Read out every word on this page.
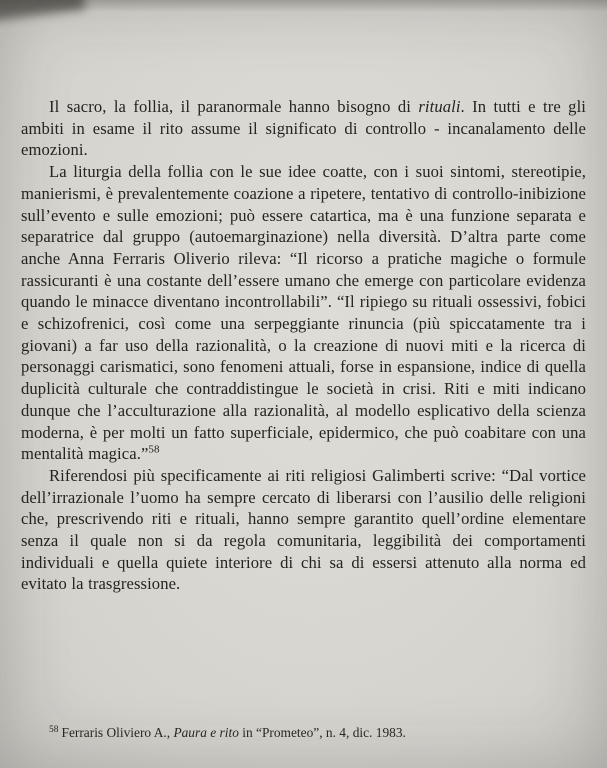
Il sacro, la follia, il paranormale hanno bisogno di rituali. In tutti e tre gli ambiti in esame il rito assume il significato di controllo - incanalamento delle emozioni.

La liturgia della follia con le sue idee coatte, con i suoi sintomi, stereotipie, manierismi, è prevalentemente coazione a ripetere, tentativo di controllo-inibizione sull’evento e sulle emozioni; può essere catartica, ma è una funzione separata e separatrice dal gruppo (autoemarginazione) nella diversità. D’altra parte come anche Anna Ferraris Oliverio rileva: “Il ricorso a pratiche magiche o formule rassicuranti è una costante dell’essere umano che emerge con particolare evidenza quando le minacce diventano incontrollabili”. “Il ripiego su rituali ossessivi, fobici e schizofrenici, così come una serpeggiante rinuncia (più spiccatamente tra i giovani) a far uso della razionalità, o la creazione di nuovi miti e la ricerca di personaggi carismatici, sono fenomeni attuali, forse in espansione, indice di quella duplicità culturale che contraddistingue le società in crisi. Riti e miti indicano dunque che l’acculturazione alla razionalità, al modello esplicativo della scienza moderna, è per molti un fatto superficiale, epidermico, che può coabitare con una mentalità magica.”$^{58}$

Riferendosi più specificamente ai riti religiosi Galimberti scrive: “Dal vortice dell’irrazionale l’uomo ha sempre cercato di liberarsi con l’ausilio delle religioni che, prescrivendo riti e rituali, hanno sempre garantito quell’ordine elementare senza il quale non si da regola comunitaria, leggibilità dei comportamenti individuali e quella quiete interiore di chi sa di essersi attenuto alla norma ed evitato la trasgressione.

$^{58}$ Ferraris Oliviero A., Paura e rito in “Prometeo”, n. 4, dic. 1983.
